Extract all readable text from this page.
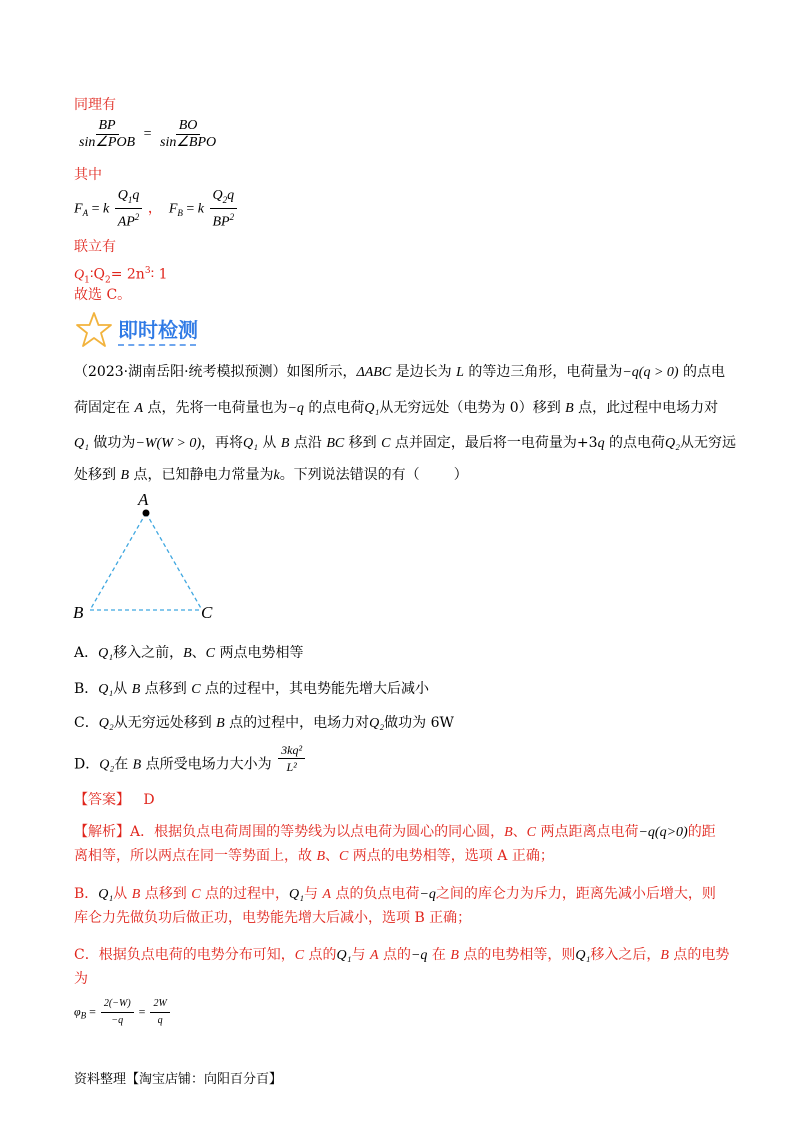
同理有
$\frac{BP}{\text{sin∠POB}} = \frac{BO}{\text{sin∠BPO}}$
其中
$F_A = k \frac{Q_1q}{AP^2}$ ，  $F_B = k \frac{Q_2q}{BP^2}$
联立有
$Q_1∶Q_2=$ $2n^3∶$ 1
故选 C。
即时检测
（2023·湖南岳阳·统考模拟预测）如图所示，ΔABC 是边长为 L 的等边三角形，电荷量为−q(q > 0) 的点电
荷固定在 A 点，先将一电荷量也为−q 的点电荷Q₁从无穷远处（电势为 0）移到 B 点，此过程中电场力对
Q₁ 做功为−W(W > 0)，再将Q₁ 从 B 点沿 BC 移到 C 点并固定，最后将一电荷量为+3q 的点电荷Q₂从无穷远
处移到 B 点，已知静电力常量为k。下列说法错误的有（ ）
A
B	C
A．Q₁移入之前，B、C 两点电势相等
B．Q₁从 B 点移到 C 点的过程中，其电势能先增大后减小
C．Q₂从无穷远处移到 B 点的过程中，电场力对Q₂做功为 6W
D．Q₂在 B 点所受电场力大小为 $\frac{\text{3kq²}}{\text{L²}}$
【答案】 D
【解析】A．根据负点电荷周围的等势线为以点电荷为圆心的同心圆，B、C 两点距离点电荷−q(q>0)的距
离相等，所以两点在同一等势面上，故 B、C 两点的电势相等，选项 A 正确；
B．Q₁从 B 点移到 C 点的过程中，Q₁与 A 点的负点电荷−q之间的库仑力为斥力，距离先减小后增大，则
库仑力先做负功后做正功，电势能先增大后减小，选项 B 正确；
C．根据负点电荷的电势分布可知，C 点的Q₁与 A 点的−q 在 B 点的电势相等，则Q₁移入之后，B 点的电势
为
$\varphi_B = \frac{2(-W)}{-q} = \frac{2W}{q}$
资料整理【淘宝店铺：向阳百分百】
